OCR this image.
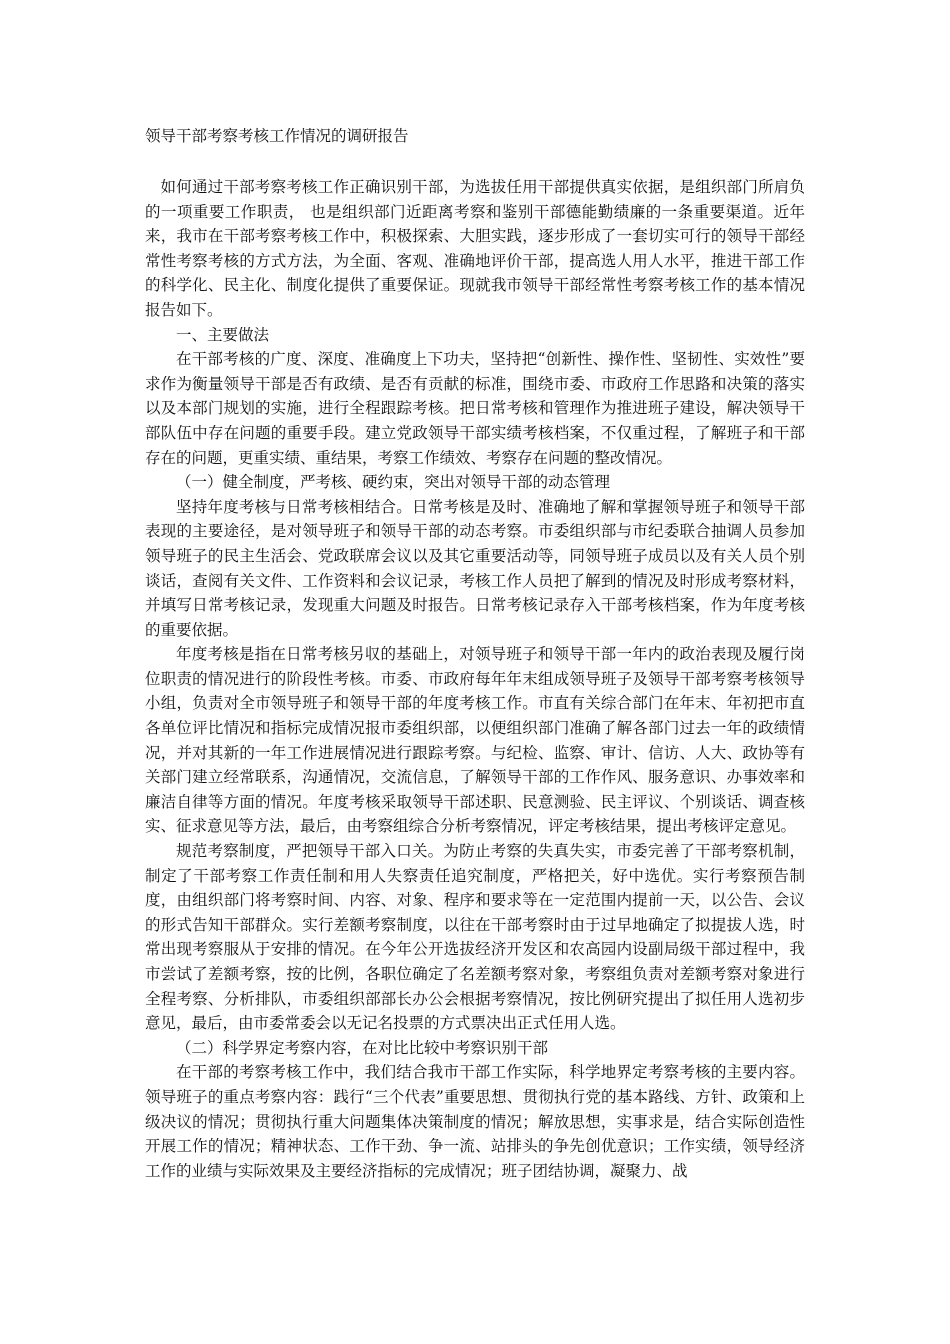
领导干部考察考核工作情况的调研报告

如何通过干部考察考核工作正确识别干部，为选拔任用干部提供真实依据，是组织部门所肩负的一项重要工作职责， 也是组织部门近距离考察和鉴别干部德能勤绩廉的一条重要渠道。近年来，我市在干部考察考核工作中，积极探索、大胆实践，逐步形成了一套切实可行的领导干部经常性考察考核的方式方法，为全面、客观、准确地评价干部，提高选人用人水平，推进干部工作的科学化、民主化、制度化提供了重要保证。现就我市领导干部经常性考察考核工作的基本情况报告如下。

一、主要做法

在干部考核的广度、深度、准确度上下功夫，坚持把“创新性、操作性、坚韧性、实效性”要求作为衡量领导干部是否有政绩、是否有贡献的标准，围绕市委、市政府工作思路和决策的落实以及本部门规划的实施，进行全程跟踪考核。把日常考核和管理作为推进班子建设，解决领导干部队伍中存在问题的重要手段。建立党政领导干部实绩考核档案，不仅重过程，了解班子和干部存在的问题，更重实绩、重结果，考察工作绩效、考察存在问题的整改情况。

（一）健全制度，严考核、硬约束，突出对领导干部的动态管理

坚持年度考核与日常考核相结合。日常考核是及时、准确地了解和掌握领导班子和领导干部表现的主要途径，是对领导班子和领导干部的动态考察。市委组织部与市纪委联合抽调人员参加领导班子的民主生活会、党政联席会议以及其它重要活动等，同领导班子成员以及有关人员个别谈话，查阅有关文件、工作资料和会议记录，考核工作人员把了解到的情况及时形成考察材料，并填写日常考核记录，发现重大问题及时报告。日常考核记录存入干部考核档案，作为年度考核的重要依据。

年度考核是指在日常考核另収的基础上，对领导班子和领导干部一年内的政治表现及履行岗位职责的情况进行的阶段性考核。市委、市政府每年年末组成领导班子及领导干部考察考核领导小组，负责对全市领导班子和领导干部的年度考核工作。市直有关综合部门在年末、年初把市直各单位评比情况和指标完成情况报市委组织部，以便组织部门准确了解各部门过去一年的政绩情况，并对其新的一年工作进展情况进行跟踪考察。与纪检、监察、审计、信访、人大、政协等有关部门建立经常联系，沟通情况，交流信息，了解领导干部的工作作风、服务意识、办事效率和廉洁自律等方面的情况。年度考核采取领导干部述职、民意测验、民主评议、个别谈话、调查核实、征求意见等方法，最后，由考察组综合分析考察情况，评定考核结果，提出考核评定意见。

规范考察制度，严把领导干部入口关。为防止考察的失真失实，市委完善了干部考察机制，制定了干部考察工作责任制和用人失察责任追究制度，严格把关，好中选优。实行考察预告制度，由组织部门将考察时间、内容、对象、程序和要求等在一定范围内提前一天，以公告、会议的形式告知干部群众。实行差额考察制度，以往在干部考察时由于过早地确定了拟提拔人选，时常出现考察服从于安排的情况。在今年公开选拔经济开发区和农高园内设副局级干部过程中，我市尝试了差额考察，按的比例，各职位确定了名差额考察对象，考察组负责对差额考察对象进行全程考察、分析排队，市委组织部部长办公会根据考察情况，按比例研究提出了拟任用人选初步意见，最后，由市委常委会以无记名投票的方式票决出正式任用人选。

（二）科学界定考察内容，在对比比较中考察识别干部

在干部的考察考核工作中，我们结合我市干部工作实际，科学地界定考察考核的主要内容。领导班子的重点考察内容：践行“三个代表”重要思想、贯彻执行党的基本路线、方针、政策和上级决议的情况；贯彻执行重大问题集体决策制度的情况；解放思想，实事求是，结合实际创造性开展工作的情况；精神状态、工作干劲、争一流、站排头的争先创优意识；工作实绩，领导经济工作的业绩与实际效果及主要经济指标的完成情况；班子团结协调，凝聚力、战
